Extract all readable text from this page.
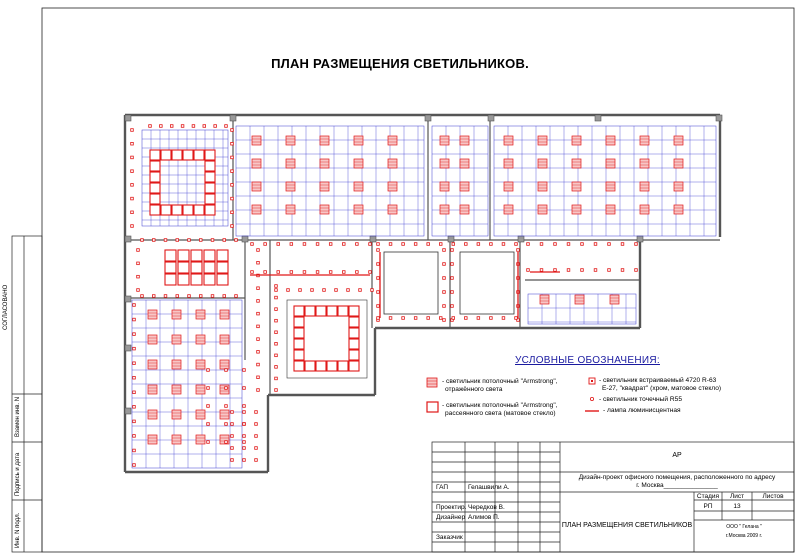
ПЛАН РАЗМЕЩЕНИЯ СВЕТИЛЬНИКОВ.
СОГЛАСОВАНО
Взамен инв. N
Подпись и дата
Инв. N подл.
УСЛОВНЫЕ ОБОЗНАЧЕНИЯ:
- светильник потолочный "Armstrong",
отражённого света
- светильник потолочный "Armstrong",
рассеянного света (матовое стекло)
- светильник встраиваемый 4720 R-63
E-27, "квадрат" (хром, матовое стекло)
- светильник точечный R55
- лампа люминисцентная
АР
Дизайн-проект офисного помещения, расположенного по адресу
г. Москва_______________
ГАП	Гелашвили А.
Проектир. Чередков В.
Дизайнер Алимов П.
Заказчик
Стадия	Лист	Листов
РП	13
ПЛАН РАЗМЕЩЕНИЯ СВЕТИЛЬНИКОВ	ООО " Гелана "
г.Москва 2009 г.
